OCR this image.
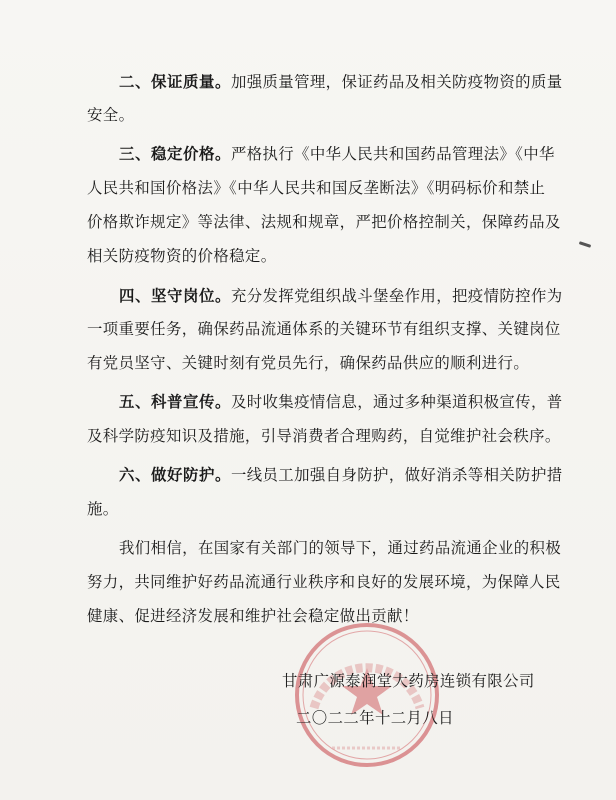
二、保证质量。加强质量管理，保证药品及相关防疫物资的质量
安全。
三、稳定价格。严格执行《中华人民共和国药品管理法》《中华
人民共和国价格法》《中华人民共和国反垄断法》《明码标价和禁止
价格欺诈规定》等法律、法规和规章，严把价格控制关，保障药品及
相关防疫物资的价格稳定。
四、坚守岗位。充分发挥党组织战斗堡垒作用，把疫情防控作为
一项重要任务，确保药品流通体系的关键环节有组织支撑、关键岗位
有党员坚守、关键时刻有党员先行，确保药品供应的顺利进行。
五、科普宣传。及时收集疫情信息，通过多种渠道积极宣传，普
及科学防疫知识及措施，引导消费者合理购药，自觉维护社会秩序。
六、做好防护。一线员工加强自身防护，做好消杀等相关防护措
施。
我们相信，在国家有关部门的领导下，通过药品流通企业的积极
努力，共同维护好药品流通行业秩序和良好的发展环境，为保障人民
健康、促进经济发展和维护社会稳定做出贡献！
甘肃广源泰润堂大药房连锁有限公司
二〇二二年十二月八日
